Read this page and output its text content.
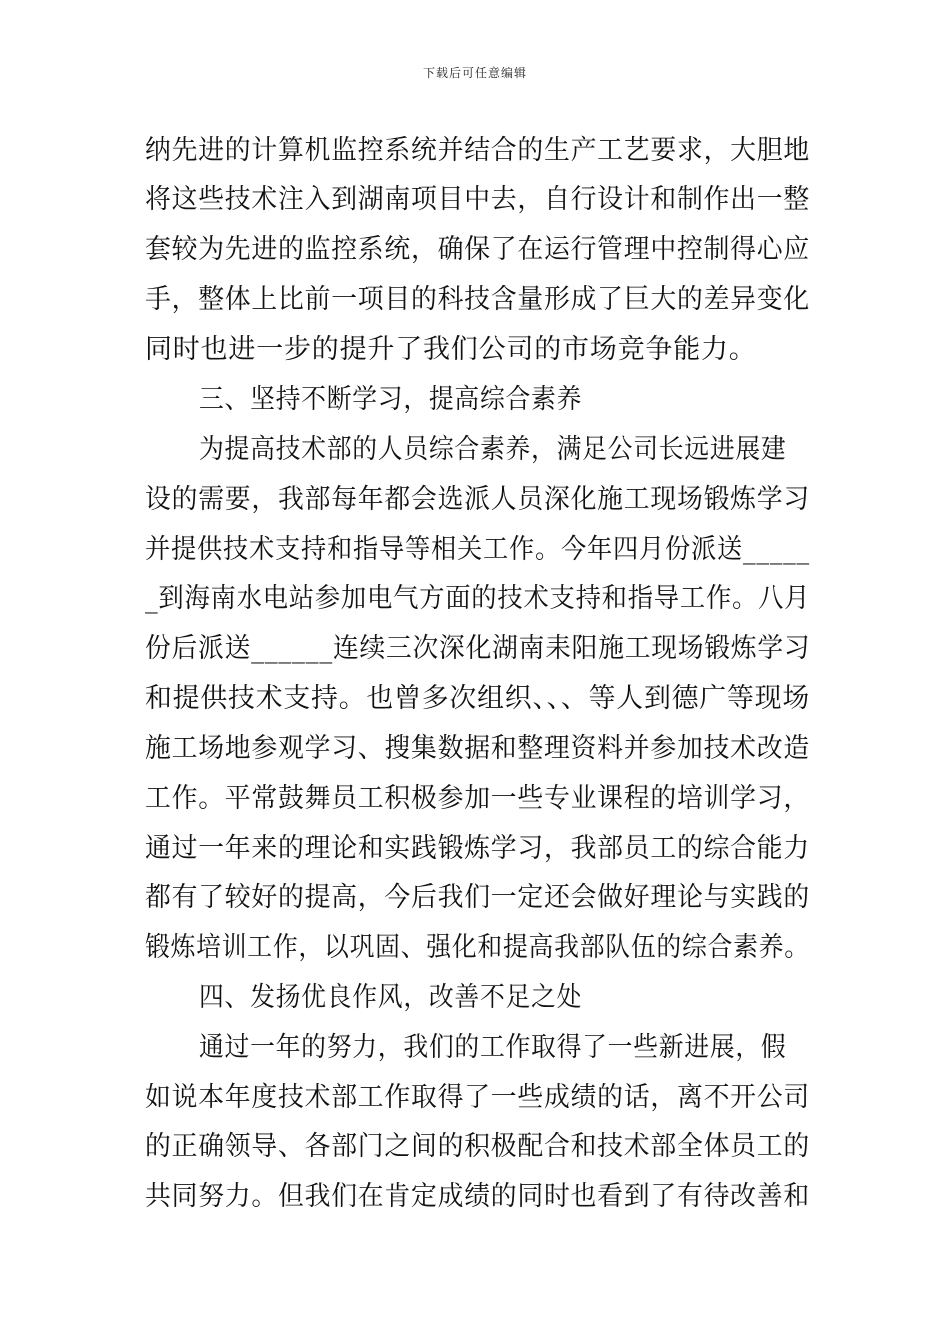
下载后可任意编辑
纳先进的计算机监控系统并结合的生产工艺要求，大胆地
将这些技术注入到湖南项目中去，自行设计和制作出一整
套较为先进的监控系统，确保了在运行管理中控制得心应
手，整体上比前一项目的科技含量形成了巨大的差异变化
同时也进一步的提升了我们公司的市场竞争能力。
三、坚持不断学习，提高综合素养
为提高技术部的人员综合素养，满足公司长远进展建
设的需要，我部每年都会选派人员深化施工现场锻炼学习
并提供技术支持和指导等相关工作。今年四月份派送_____
_到海南水电站参加电气方面的技术支持和指导工作。八月
份后派送______连续三次深化湖南耒阳施工现场锻炼学习
和提供技术支持。也曾多次组织、、、等人到德广等现场
施工场地参观学习、搜集数据和整理资料并参加技术改造
工作。平常鼓舞员工积极参加一些专业课程的培训学习，
通过一年来的理论和实践锻炼学习，我部员工的综合能力
都有了较好的提高，今后我们一定还会做好理论与实践的
锻炼培训工作，以巩固、强化和提高我部队伍的综合素养。
四、发扬优良作风，改善不足之处
通过一年的努力，我们的工作取得了一些新进展，假
如说本年度技术部工作取得了一些成绩的话，离不开公司
的正确领导、各部门之间的积极配合和技术部全体员工的
共同努力。但我们在肯定成绩的同时也看到了有待改善和
